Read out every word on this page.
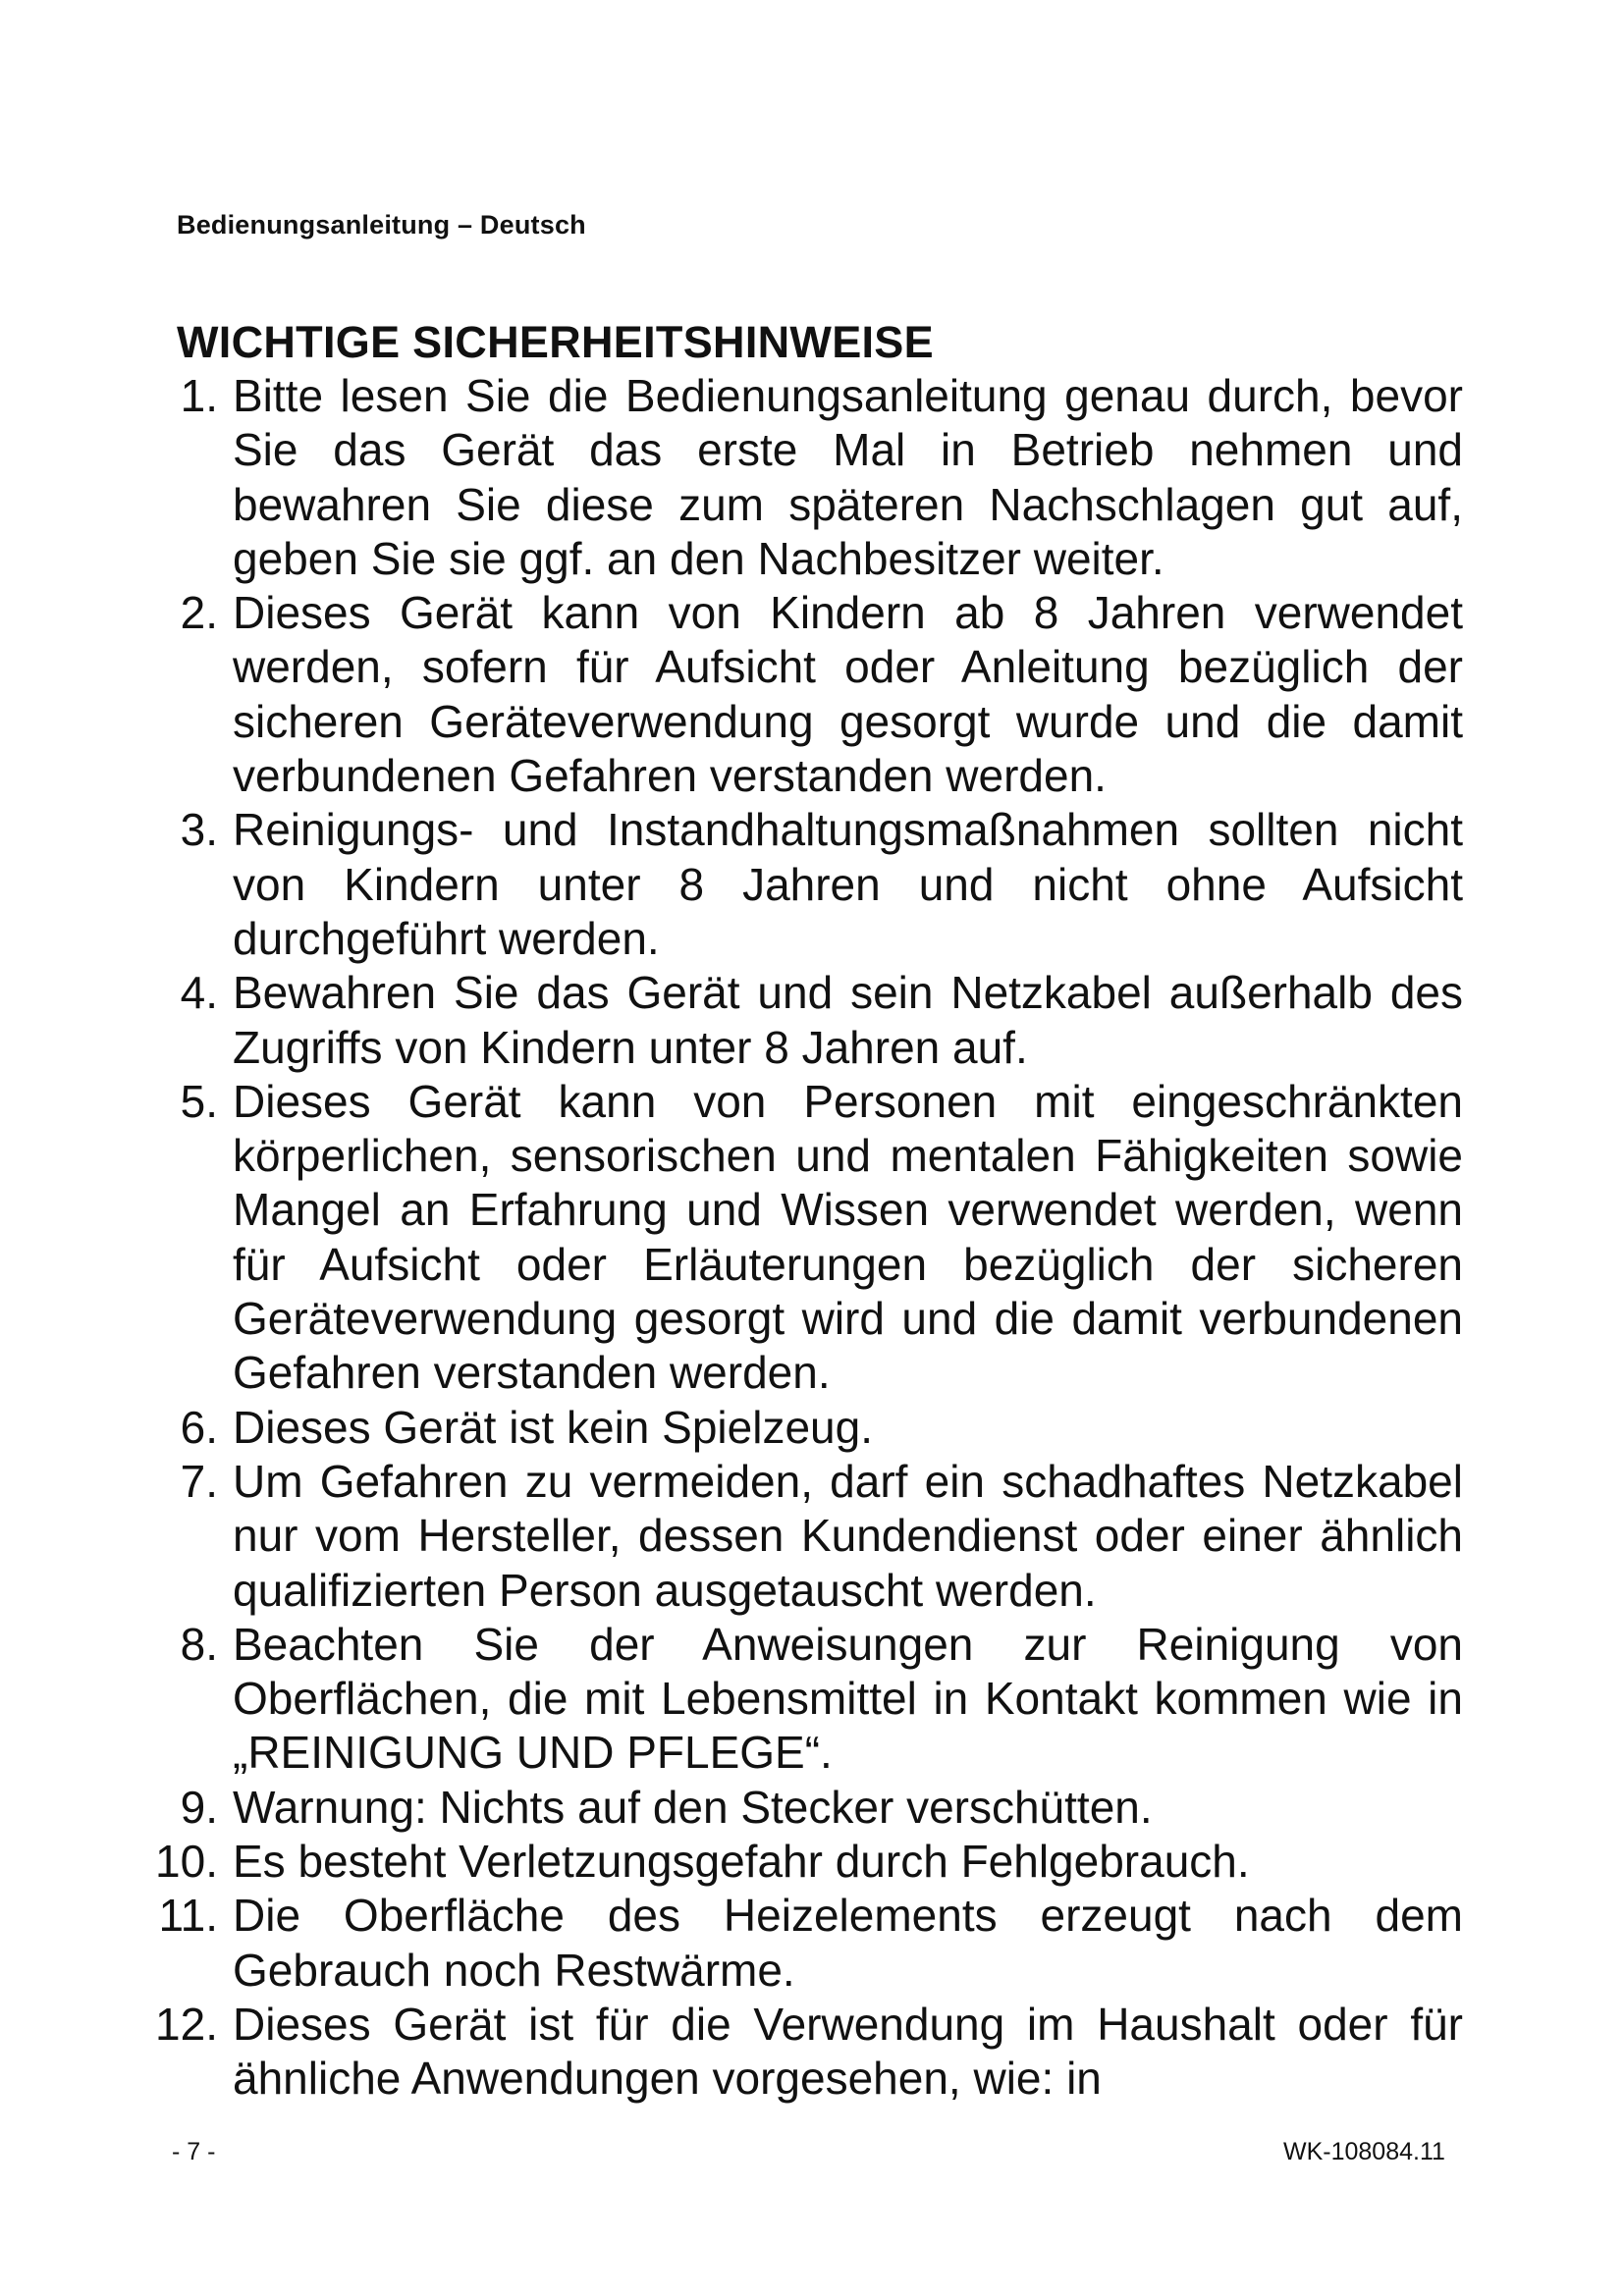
Bedienungsanleitung – Deutsch
WICHTIGE SICHERHEITSHINWEISE
1. Bitte lesen Sie die Bedienungsanleitung genau durch, bevor Sie das Gerät das erste Mal in Betrieb nehmen und bewahren Sie diese zum späteren Nachschlagen gut auf, geben Sie sie ggf. an den Nachbesitzer weiter.
2. Dieses Gerät kann von Kindern ab 8 Jahren verwendet werden, sofern für Aufsicht oder Anleitung bezüglich der sicheren Geräteverwendung gesorgt wurde und die damit verbundenen Gefahren verstanden werden.
3. Reinigungs- und Instandhaltungsmaßnahmen sollten nicht von Kindern unter 8 Jahren und nicht ohne Aufsicht durchgeführt werden.
4. Bewahren Sie das Gerät und sein Netzkabel außerhalb des Zugriffs von Kindern unter 8 Jahren auf.
5. Dieses Gerät kann von Personen mit eingeschränkten körperlichen, sensorischen und mentalen Fähigkeiten sowie Mangel an Erfahrung und Wissen verwendet werden, wenn für Aufsicht oder Erläuterungen bezüglich der sicheren Geräteverwendung gesorgt wird und die damit verbundenen Gefahren verstanden werden.
6. Dieses Gerät ist kein Spielzeug.
7. Um Gefahren zu vermeiden, darf ein schadhaftes Netzkabel nur vom Hersteller, dessen Kundendienst oder einer ähnlich qualifizierten Person ausgetauscht werden.
8. Beachten Sie der Anweisungen zur Reinigung von Oberflächen, die mit Lebensmittel in Kontakt kommen wie in „REINIGUNG UND PFLEGE“.
9. Warnung: Nichts auf den Stecker verschütten.
10. Es besteht Verletzungsgefahr durch Fehlgebrauch.
11. Die Oberfläche des Heizelements erzeugt nach dem Gebrauch noch Restwärme.
12. Dieses Gerät ist für die Verwendung im Haushalt oder für ähnliche Anwendungen vorgesehen, wie: in
- 7 -	WK-108084.11
